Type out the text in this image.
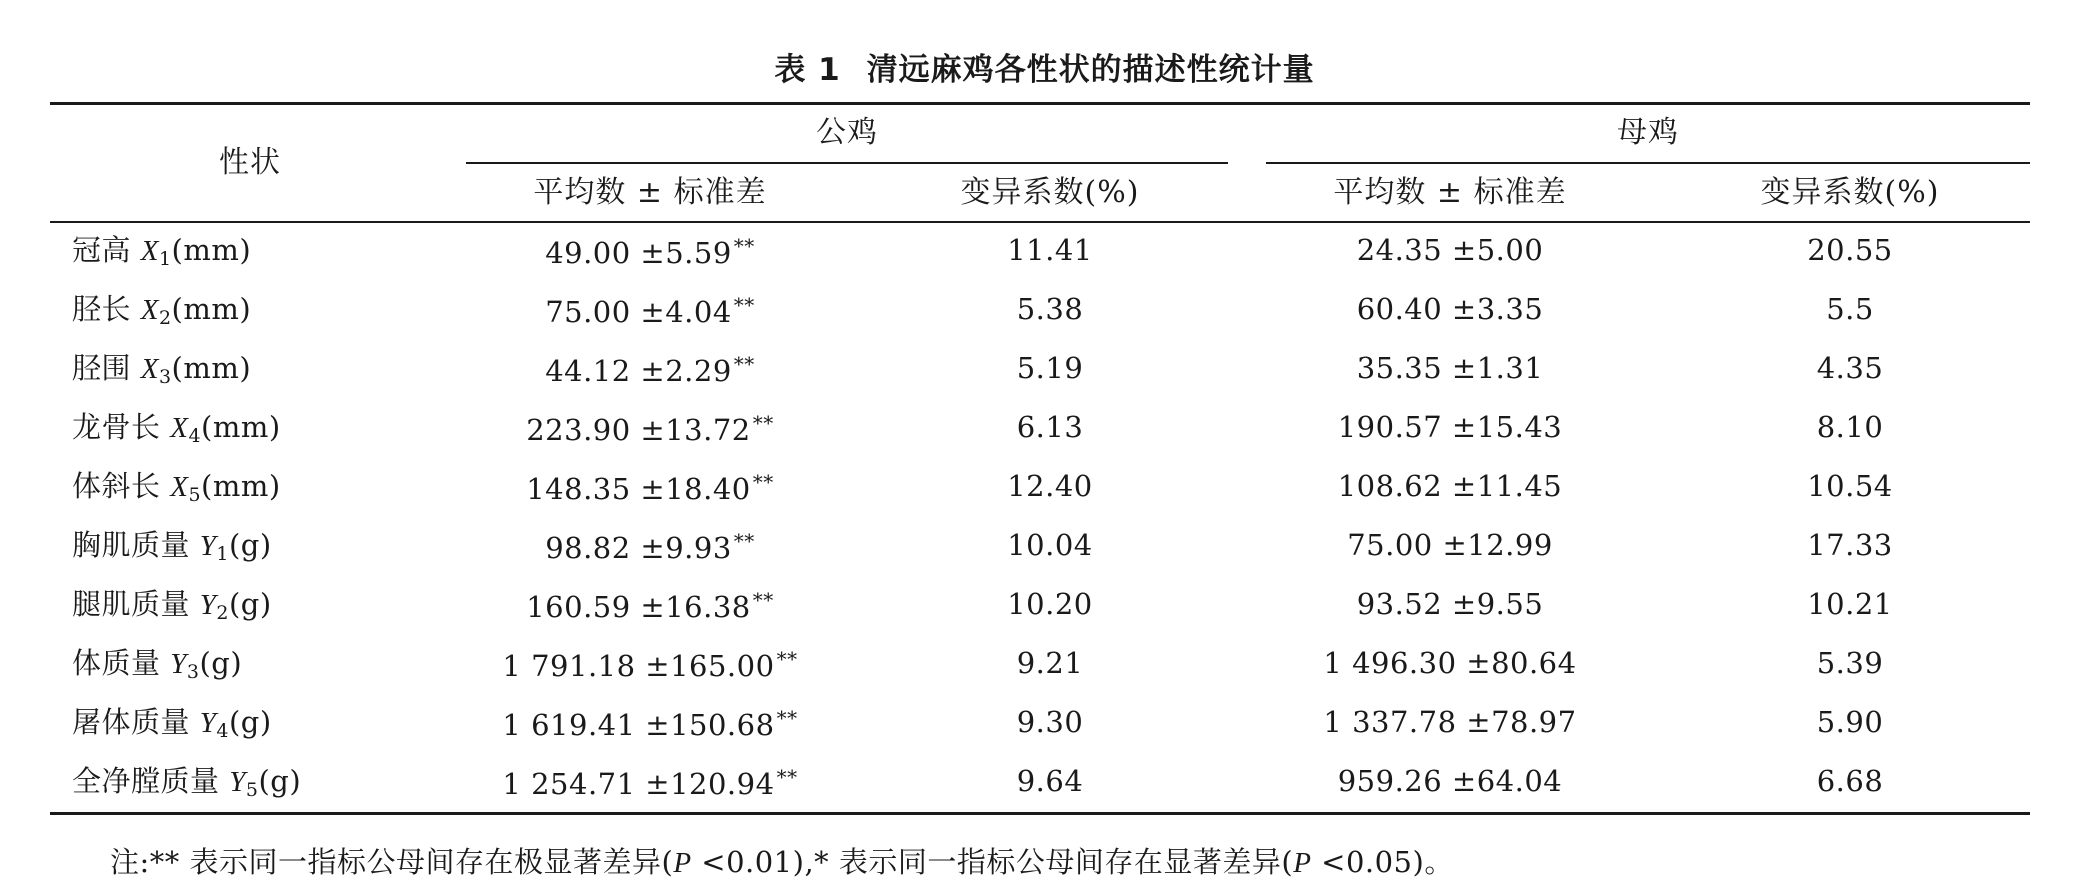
表 1 清远麻鸡各性状的描述性统计量
性状
公鸡	母鸡
平均数 ± 标准差	变异系数(%)	平均数 ± 标准差	变异系数(%)
冠高 $X_1(mm)$	49.00 ±5.59 **	11.41	24.35 ±5.00	20.55
胫长 $X_2(mm)$	75.00 ±4.04 **	5.38	60.40 ±3.35	5.5
胫围 $X_3(mm)$	44.12 ±2.29 **	5.19	35.35 ±1.31	4.35
龙骨长 $X_4(mm)$	223.90 ±13.72 **	6.13	190.57 ±15.43	8.10
体斜长 $X_5(mm)$	148.35 ±18.40 **	12.40	108.62 ±11.45	10.54
胸肌质量 $Y_1(g)$	98.82 ±9.93 **	10.04	75.00 ±12.99	17.33
腿肌质量 $Y_2(g)$	160.59 ±16.38 **	10.20	93.52 ±9.55	10.21
体质量 $Y_3(g)$	1 791.18 ±165.00 **	9.21	1 496.30 ±80.64	5.39
屠体质量 $Y_4(g)$	1 619.41 ±150.68 **	9.30	1 337.78 ±78.97	5.90
全净膛质量 $Y_5(g)$	1 254.71 ±120.94 **	9.64	959.26 ±64.04	6.68
注:** 表示同一指标公母间存在极显著差异(P <0.01),* 表示同一指标公母间存在显著差异(P <0.05)。
